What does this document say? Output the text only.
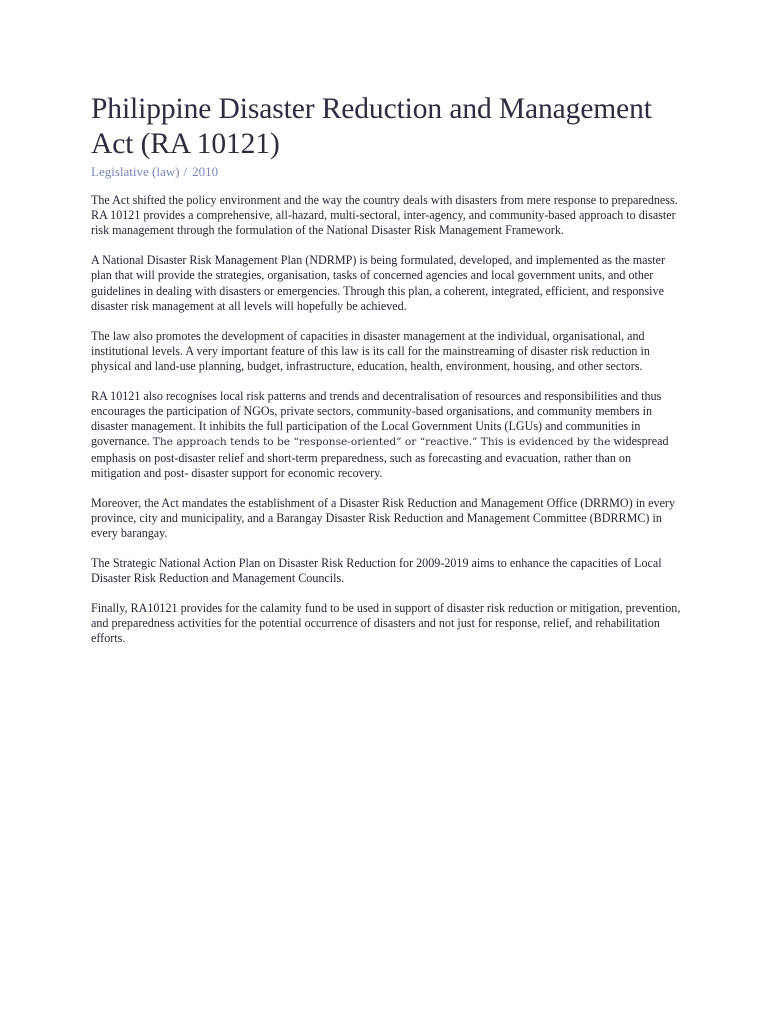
Philippine Disaster Reduction and Management Act (RA 10121)
Legislative (law) / 2010

The Act shifted the policy environment and the way the country deals with disasters from mere response to preparedness. RA 10121 provides a comprehensive, all-hazard, multi-sectoral, inter-agency, and community-based approach to disaster risk management through the formulation of the National Disaster Risk Management Framework.

A National Disaster Risk Management Plan (NDRMP) is being formulated, developed, and implemented as the master plan that will provide the strategies, organisation, tasks of concerned agencies and local government units, and other guidelines in dealing with disasters or emergencies. Through this plan, a coherent, integrated, efficient, and responsive disaster risk management at all levels will hopefully be achieved.

The law also promotes the development of capacities in disaster management at the individual, organisational, and institutional levels. A very important feature of this law is its call for the mainstreaming of disaster risk reduction in physical and land-use planning, budget, infrastructure, education, health, environment, housing, and other sectors.

RA 10121 also recognises local risk patterns and trends and decentralisation of resources and responsibilities and thus encourages the participation of NGOs, private sectors, community-based organisations, and community members in disaster management. It inhibits the full participation of the Local Government Units (LGUs) and communities in governance. The approach tends to be “response-oriented” or “reactive.” This is evidenced by the widespread emphasis on post-disaster relief and short-term preparedness, such as forecasting and evacuation, rather than on mitigation and post- disaster support for economic recovery.

Moreover, the Act mandates the establishment of a Disaster Risk Reduction and Management Office (DRRMO) in every province, city and municipality, and a Barangay Disaster Risk Reduction and Management Committee (BDRRMC) in every barangay.

The Strategic National Action Plan on Disaster Risk Reduction for 2009-2019 aims to enhance the capacities of Local Disaster Risk Reduction and Management Councils.

Finally, RA10121 provides for the calamity fund to be used in support of disaster risk reduction or mitigation, prevention, and preparedness activities for the potential occurrence of disasters and not just for response, relief, and rehabilitation efforts.
